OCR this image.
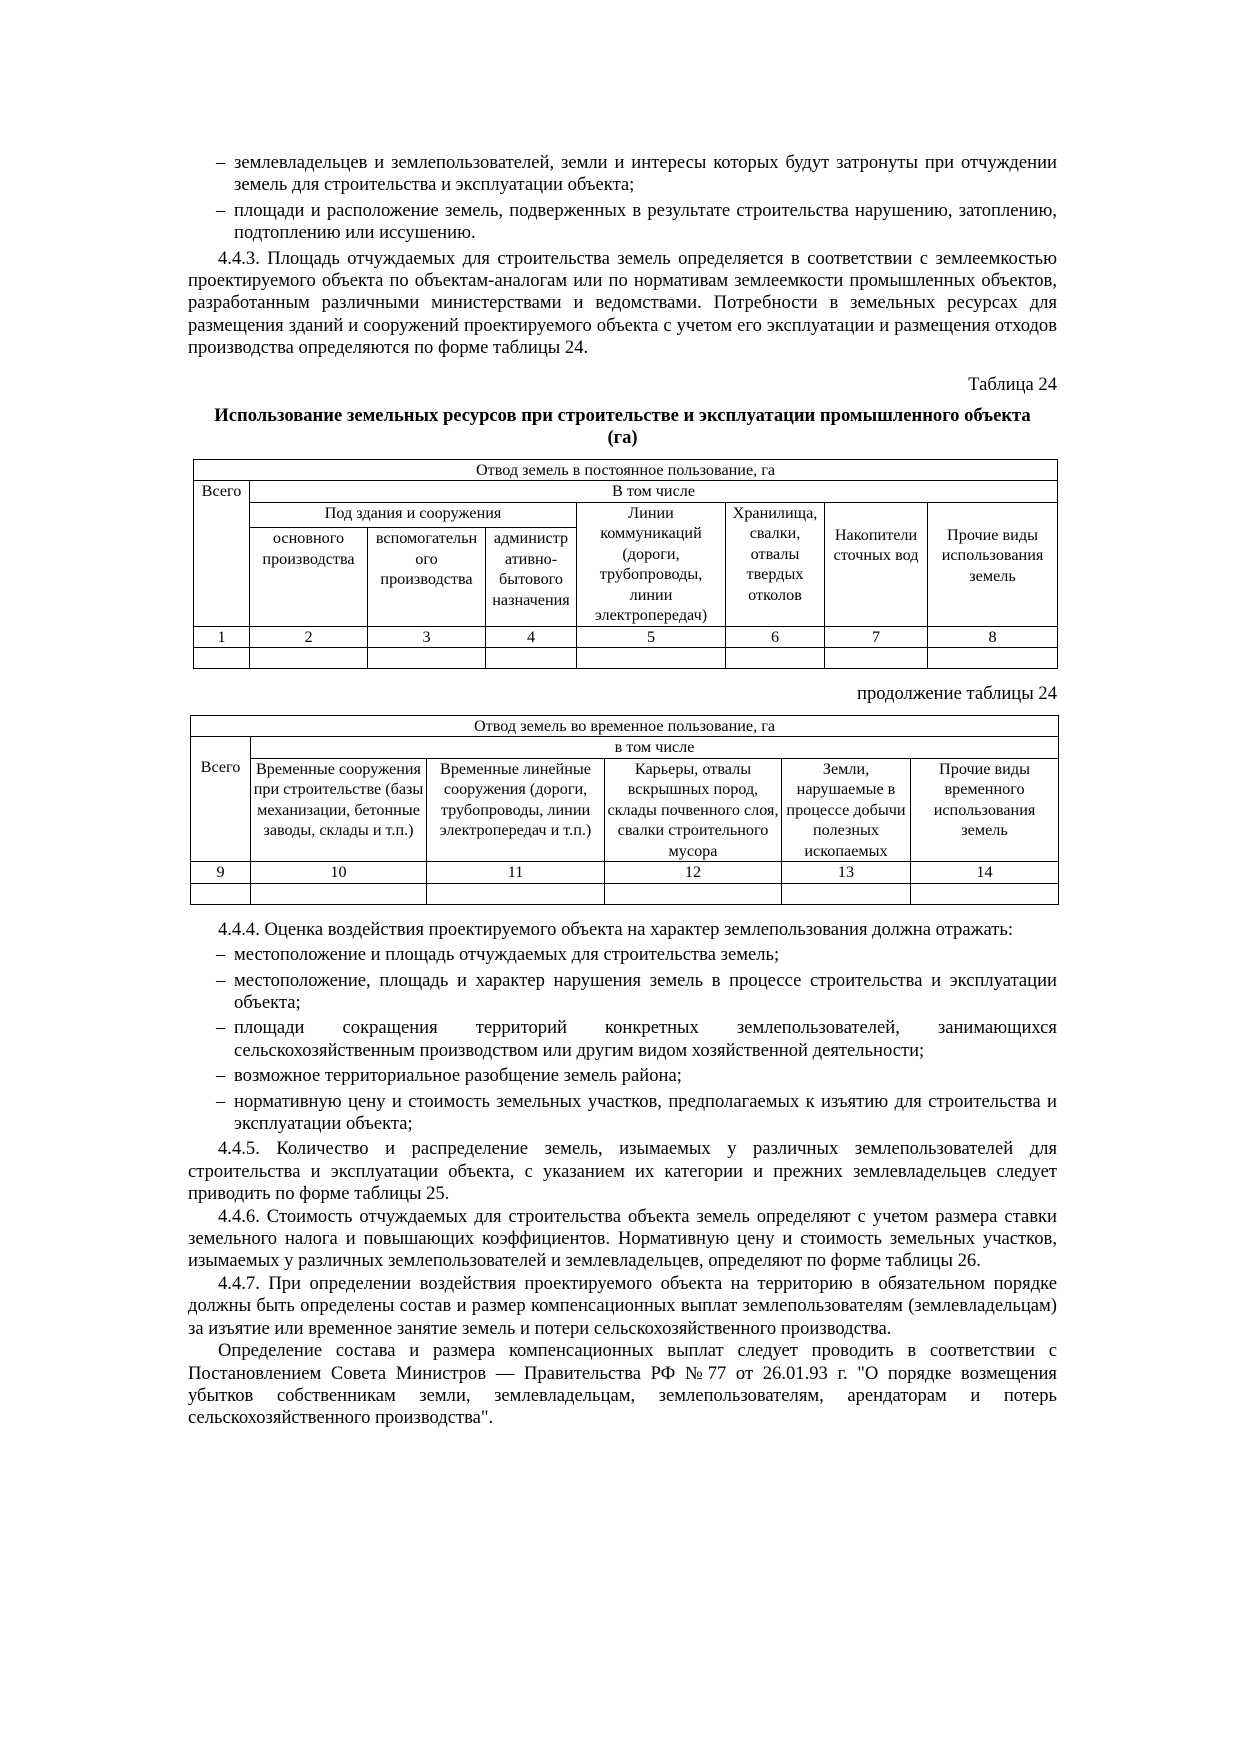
– землевладельцев и землепользователей, земли и интересы которых будут затронуты при отчуждении земель для строительства и эксплуатации объекта;
– площади и расположение земель, подверженных в результате строительства нарушению, затоплению, подтоплению или иссушению.

4.4.3. Площадь отчуждаемых для строительства земель определяется в соответствии с землеемкостью проектируемого объекта по объектам-аналогам или по нормативам землеемкости промышленных объектов, разработанным различными министерствами и ведомствами. Потребности в земельных ресурсах для размещения зданий и сооружений проектируемого объекта с учетом его эксплуатации и размещения отходов производства определяются по форме таблицы 24.

Таблица 24

Использование земельных ресурсов при строительстве и эксплуатации промышленного объекта (га)

Отвод земель в постоянное пользование, га							
Всего	В том числе						
	Под здания и сооружения			Линии коммуникаций (дороги, трубопроводы, линии электропередач)	Хранилища, свалки, отвалы твердых отколов	Накопители сточных вод	Прочие виды использования земель
	основного производства	вспомогательн ого производства	администр ативно- бытового назначения				
1	2	3	4	5	6	7	8

продолжение таблицы 24

Отвод земель во временное пользование, га					
Всего	в том числе				
	Временные сооружения при строительстве (базы механизации, бетонные заводы, склады и т.п.)	Временные линейные сооружения (дороги, трубопроводы, линии электропередач и т.п.)	Карьеры, отвалы вскрышных пород, склады почвенного слоя, свалки строительного мусора	Земли, нарушаемые в процессе добычи полезных ископаемых	Прочие виды временного использования земель
9	10	11	12	13	14

4.4.4. Оценка воздействия проектируемого объекта на характер землепользования должна отражать:

– местоположение и площадь отчуждаемых для строительства земель;
– местоположение, площадь и характер нарушения земель в процессе строительства и эксплуатации объекта;
– площади сокращения территорий конкретных землепользователей, занимающихся сельскохозяйственным производством или другим видом хозяйственной деятельности;
– возможное территориальное разобщение земель района;
– нормативную цену и стоимость земельных участков, предполагаемых к изъятию для строительства и эксплуатации объекта;

4.4.5. Количество и распределение земель, изымаемых у различных землепользователей для строительства и эксплуатации объекта, с указанием их категории и прежних землевладельцев следует приводить по форме таблицы 25.

4.4.6. Стоимость отчуждаемых для строительства объекта земель определяют с учетом размера ставки земельного налога и повышающих коэффициентов. Нормативную цену и стоимость земельных участков, изымаемых у различных землепользователей и землевладельцев, определяют по форме таблицы 26.

4.4.7. При определении воздействия проектируемого объекта на территорию в обязательном порядке должны быть определены состав и размер компенсационных выплат землепользователям (землевладельцам) за изъятие или временное занятие земель и потери сельскохозяйственного производства.

Определение состава и размера компенсационных выплат следует проводить в соответствии с Постановлением Совета Министров — Правительства РФ №77 от 26.01.93 г. "О порядке возмещения убытков собственникам земли, землевладельцам, землепользователям, арендаторам и потерь сельскохозяйственного производства".
